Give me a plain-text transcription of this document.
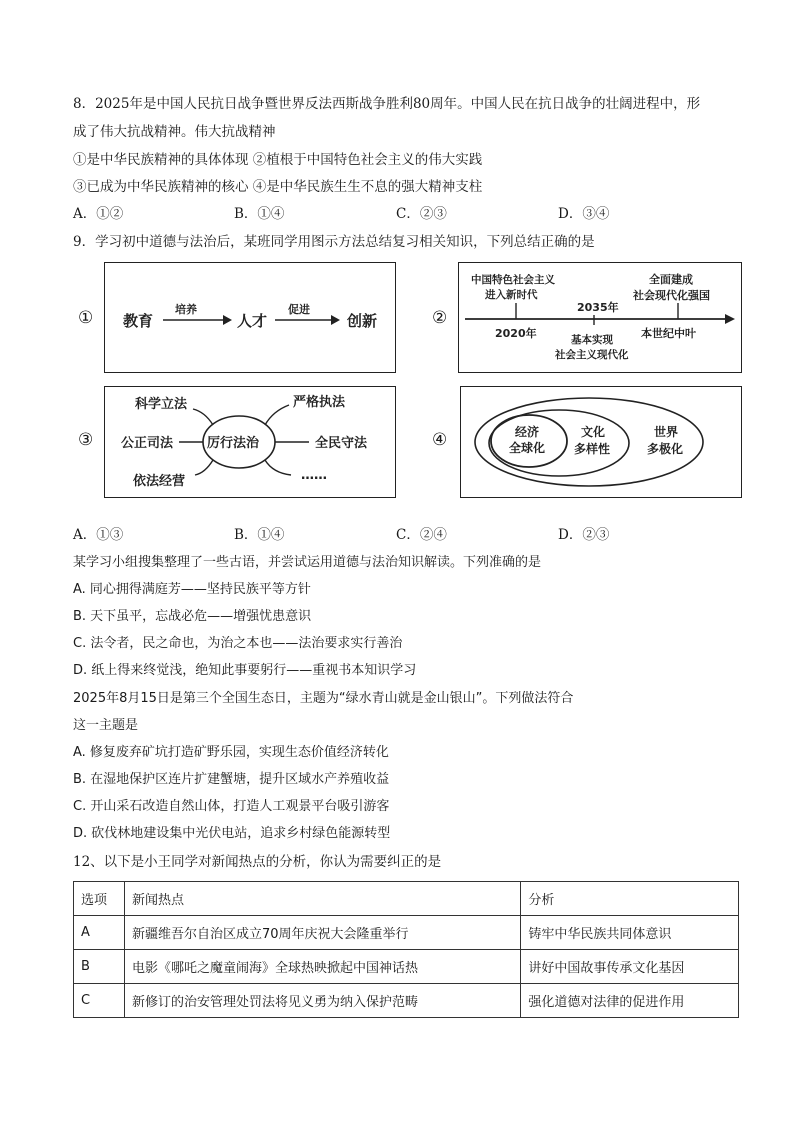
8．2025年是中国人民抗日战争暨世界反法西斯战争胜利80周年。中国人民在抗日战争的壮阔进程中，形
成了伟大抗战精神。伟大抗战精神
①是中华民族精神的具体体现 ②植根于中国特色社会主义的伟大实践
③已成为中华民族精神的核心 ④是中华民族生生不息的强大精神支柱
A．①②	B．①④	C．②③	D．③④
9．学习初中道德与法治后，某班同学用图示方法总结复习相关知识，下列总结正确的是
①	②
③	④
教育
培养
人才
促进
创新
中国特色社会主义
进入新时代
2035年
全面建成
社会现代化强国
2020年	基本实现
社会主义现代化
本世纪中叶
厉行法治
科学立法	严格执法
公正司法	全民守法
依法经营	……
经济
全球化
文化
多样性
世界
多极化
A．①③	B．①④	C．②④	D．②③
某学习小组搜集整理了一些古语，并尝试运用道德与法治知识解读。下列准确的是
A. 同心拥得满庭芳——坚持民族平等方针
B. 天下虽平，忘战必危——增强忧患意识
C. 法令者，民之命也，为治之本也——法治要求实行善治
D. 纸上得来终觉浅，绝知此事要躬行——重视书本知识学习
2025年8月15日是第三个全国生态日，主题为“绿水青山就是金山银山”。下列做法符合
这一主题是
A. 修复废弃矿坑打造矿野乐园，实现生态价值经济转化
B. 在湿地保护区连片扩建蟹塘，提升区域水产养殖收益
C. 开山采石改造自然山体，打造人工观景平台吸引游客
D. 砍伐林地建设集中光伏电站，追求乡村绿色能源转型
12、以下是小王同学对新闻热点的分析，你认为需要纠正的是
选项	新闻热点	分析
A	新疆维吾尔自治区成立70周年庆祝大会隆重举行	铸牢中华民族共同体意识
B	电影《哪吒之魔童闹海》全球热映掀起中国神话热	讲好中国故事传承文化基因
C	新修订的治安管理处罚法将见义勇为纳入保护范畴	强化道德对法律的促进作用
